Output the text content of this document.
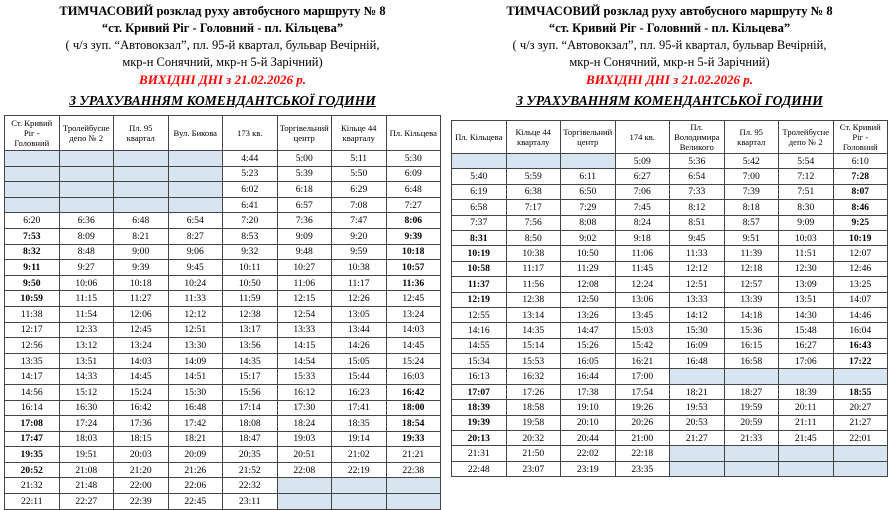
ТИМЧАСОВИЙ розклад руху автобусного маршруту № 8
“ст. Кривий Ріг - Головний - пл. Кільцева”
( ч/з зуп. “Автовокзал”, пл. 95-й квартал, бульвар Вечірній,
мкр-н Сонячний, мкр-н 5-й Зарічний)
ВИХІДНІ ДНІ з 21.02.2026 р.
З УРАХУВАННЯМ КОМЕНДАНТСЬКОЇ ГОДИНИ
Ст. Кривий Ріг - Головний	Тролейбусне депо № 2	Пл. 95 квартал	Вул. Бикова	173 кв.	Торгівельний центр	Кільце 44 кварталу	Пл. Кільцева
				4:44	5:00	5:11	5:30
				5:23	5:39	5:50	6:09
				6:02	6:18	6:29	6:48
				6:41	6:57	7:08	7:27
6:20	6:36	6:48	6:54	7:20	7:36	7:47	8:06
7:53	8:09	8:21	8:27	8:53	9:09	9:20	9:39
8:32	8:48	9:00	9:06	9:32	9:48	9:59	10:18
9:11	9:27	9:39	9:45	10:11	10:27	10:38	10:57
9:50	10:06	10:18	10:24	10:50	11:06	11:17	11:36
10:59	11:15	11:27	11:33	11:59	12:15	12:26	12:45
11:38	11:54	12:06	12:12	12:38	12:54	13:05	13:24
12:17	12:33	12:45	12:51	13:17	13:33	13:44	14:03
12:56	13:12	13:24	13:30	13:56	14:15	14:26	14:45
13:35	13:51	14:03	14:09	14:35	14:54	15:05	15:24
14:17	14:33	14:45	14:51	15:17	15:33	15:44	16:03
14:56	15:12	15:24	15:30	15:56	16:12	16:23	16:42
16:14	16:30	16:42	16:48	17:14	17:30	17:41	18:00
17:08	17:24	17:36	17:42	18:08	18:24	18:35	18:54
17:47	18:03	18:15	18:21	18:47	19:03	19:14	19:33
19:35	19:51	20:03	20:09	20:35	20:51	21:02	21:21
20:52	21:08	21:20	21:26	21:52	22:08	22:19	22:38
21:32	21:48	22:00	22:06	22:32			
22:11	22:27	22:39	22:45	23:11			
ТИМЧАСОВИЙ розклад руху автобусного маршруту № 8
“ст. Кривий Ріг - Головний - пл. Кільцева”
( ч/з зуп. “Автовокзал”, пл. 95-й квартал, бульвар Вечірній,
мкр-н Сонячний, мкр-н 5-й Зарічний)
ВИХІДНІ ДНІ з 21.02.2026 р.
З УРАХУВАННЯМ КОМЕНДАНТСЬКОЇ ГОДИНИ
Пл. Кільцева	Кільце 44 кварталу	Торгівельний центр	174 кв.	Пл. Володимира Великого	Пл. 95 квартал	Тролейбусне депо № 2	Ст. Кривий Ріг - Головний
			5:09	5:36	5:42	5:54	6:10
5:40	5:59	6:11	6:27	6:54	7:00	7:12	7:28
6:19	6:38	6:50	7:06	7:33	7:39	7:51	8:07
6:58	7:17	7:29	7:45	8:12	8:18	8:30	8:46
7:37	7:56	8:08	8:24	8:51	8:57	9:09	9:25
8:31	8:50	9:02	9:18	9:45	9:51	10:03	10:19
10:19	10:38	10:50	11:06	11:33	11:39	11:51	12:07
10:58	11:17	11:29	11:45	12:12	12:18	12:30	12:46
11:37	11:56	12:08	12:24	12:51	12:57	13:09	13:25
12:19	12:38	12:50	13:06	13:33	13:39	13:51	14:07
12:55	13:14	13:26	13:45	14:12	14:18	14:30	14:46
14:16	14:35	14:47	15:03	15:30	15:36	15:48	16:04
14:55	15:14	15:26	15:42	16:09	16:15	16:27	16:43
15:34	15:53	16:05	16:21	16:48	16:58	17:06	17:22
16:13	16:32	16:44	17:00				
17:07	17:26	17:38	17:54	18:21	18:27	18:39	18:55
18:39	18:58	19:10	19:26	19:53	19:59	20:11	20:27
19:39	19:58	20:10	20:26	20:53	20:59	21:11	21:27
20:13	20:32	20:44	21:00	21:27	21:33	21:45	22:01
21:31	21:50	22:02	22:18				
22:48	23:07	23:19	23:35				
